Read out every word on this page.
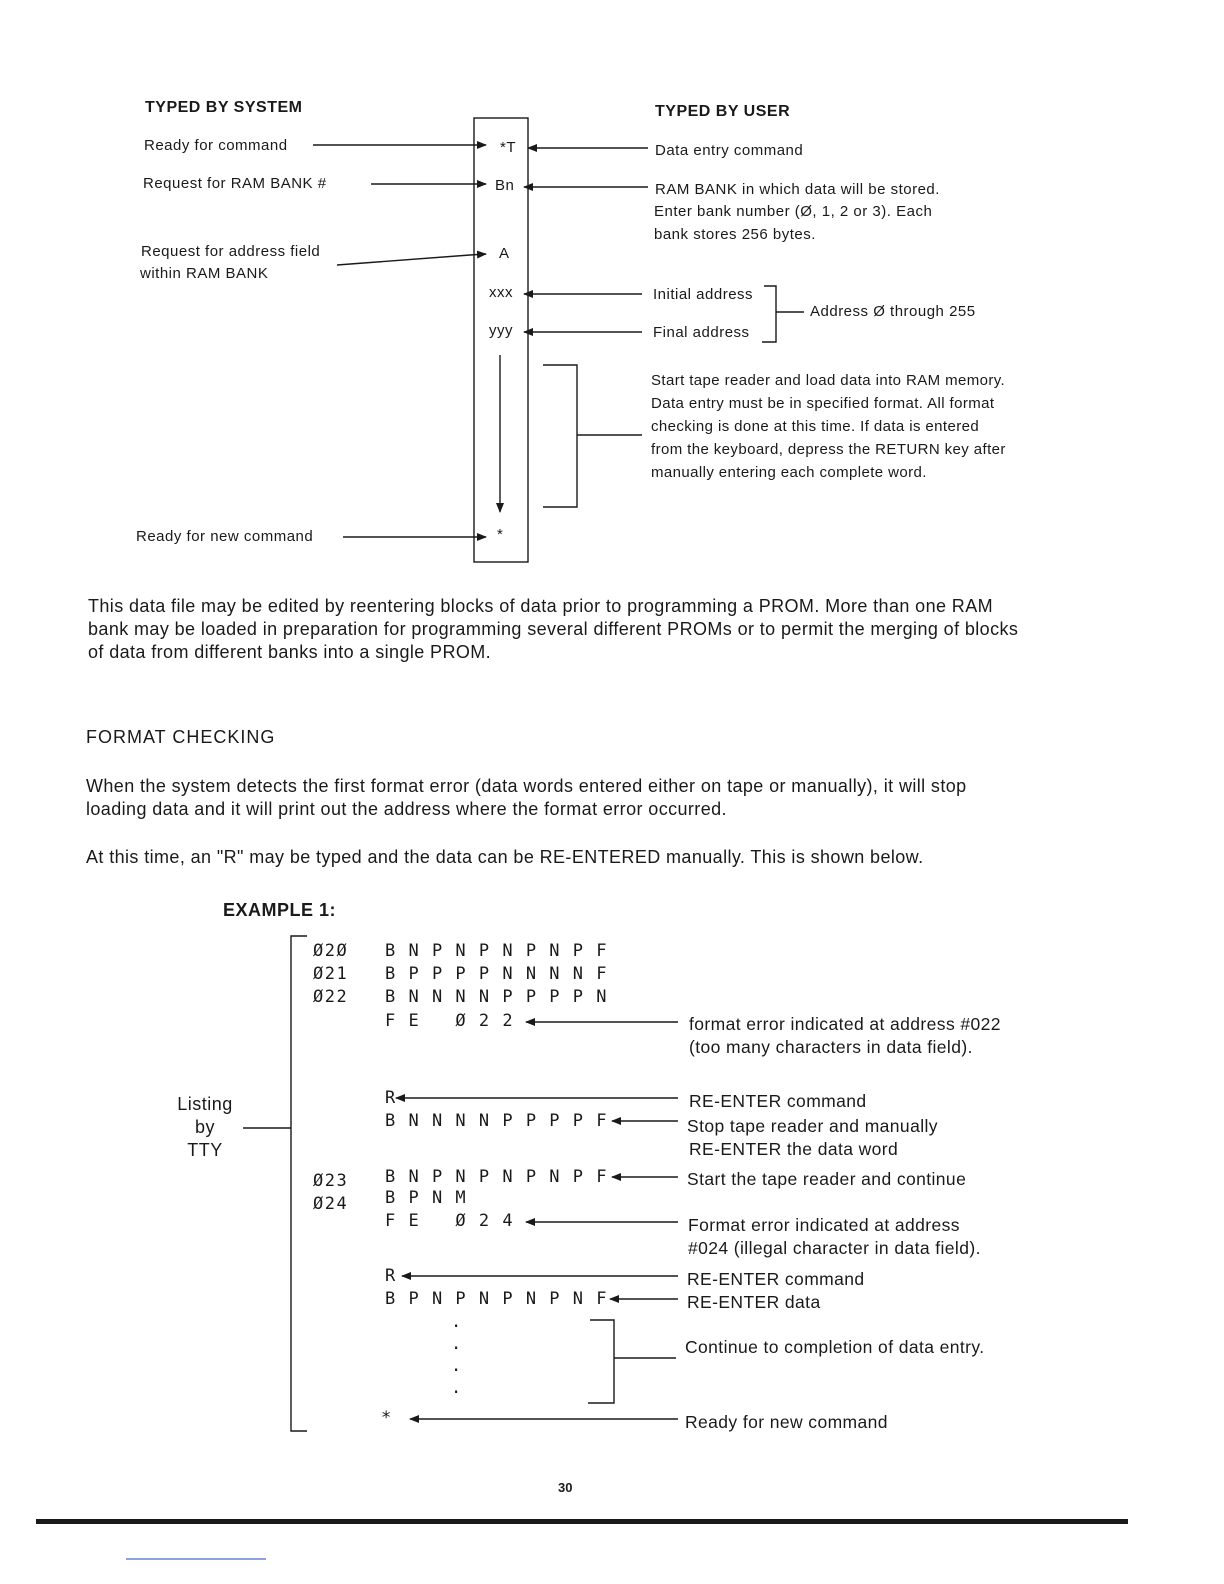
TYPED BY SYSTEM	TYPED BY USER
Ready for command
Request for RAM BANK #
Request for address field
within RAM BANK
Ready for new command
*T
Bn
A
xxx
yyy
*
Data entry command
RAM BANK in which data will be stored.
Enter bank number (Ø, 1, 2 or 3). Each
bank stores 256 bytes.
Initial address
Final address
Address Ø through 255
Start tape reader and load data into RAM memory. Data entry must be in specified format. All format checking is done at this time. If data is entered from the keyboard, depress the RETURN key after manually entering each complete word.
This data file may be edited by reentering blocks of data prior to programming a PROM. More than one RAM bank may be loaded in preparation for programming several different PROMs or to permit the merging of blocks of data from different banks into a single PROM.
FORMAT CHECKING
When the system detects the first format error (data words entered either on tape or manually), it will stop loading data and it will print out the address where the format error occurred.
At this time, an "R" may be typed and the data can be RE-ENTERED manually. This is shown below.
EXAMPLE 1:
Listing
by
TTY
Ø2Ø
Ø21
Ø22
Ø23
Ø24
B N P N P N P N P F
B P P P P N N N N F
B N N N N P P P P N
F E   Ø 2 2
R
B N N N N P P P P F
B N P N P N P N P F
B P N M
F E   Ø 2 4
R
B P N P N P N P N F
.
.
.
.
*
format error indicated at address #022 (too many characters in data field).
RE-ENTER command
Stop tape reader and manually
RE-ENTER the data word
Start the tape reader and continue
Format error indicated at address
#024 (illegal character in data field).
RE-ENTER command
RE-ENTER data
Continue to completion of data entry.
Ready for new command
30
